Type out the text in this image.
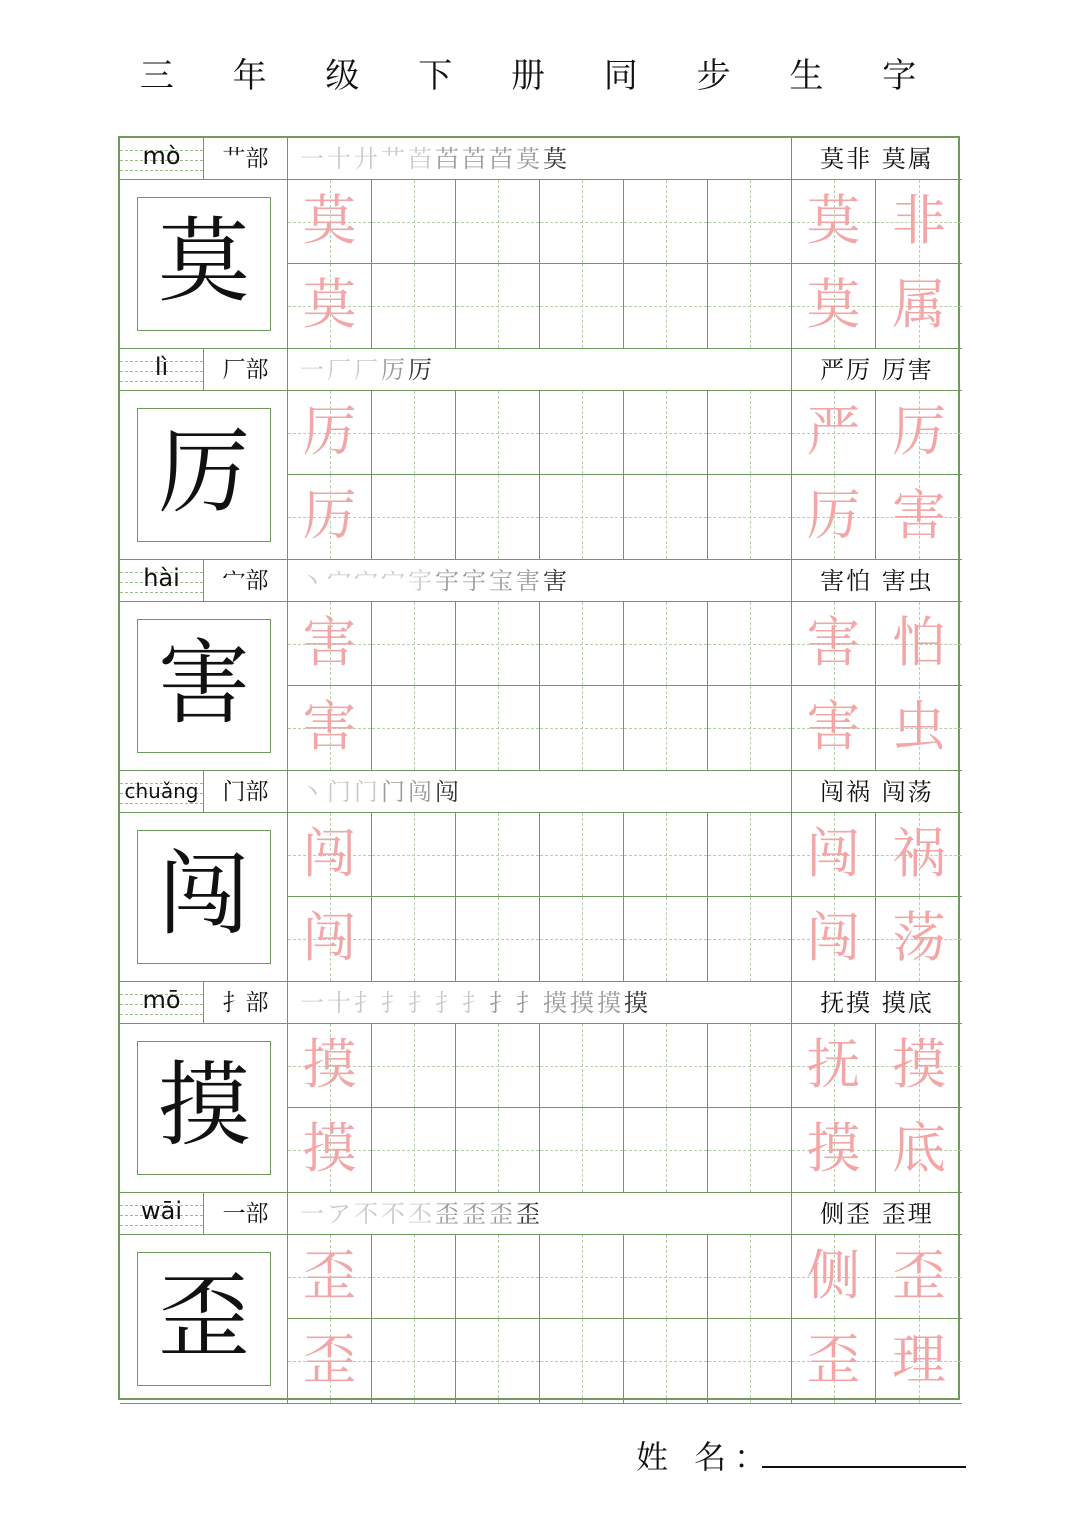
三 年 级 下 册 同 步 生 字
mò	艹部	一十廾艹苩苩苩苩莫莫	莫非 莫属
莫 莫	莫 非
莫	莫 属
lì	厂部	一厂厂厉厉	严厉 厉害
厉 厉	严 厉
厉	厉 害
hài	宀部	丶宀宀宀宇宇宇宝害害	害怕 害虫
害 害	害 怕
害	害 虫
chuǎng	门部	丶门门门闯闯	闯祸 闯荡
闯 闯	闯 祸
闯	闯 荡
mō	扌部	一十扌扌扌扌扌扌扌摸摸摸摸	抚摸 摸底
摸 摸	抚 摸
摸	摸 底
wāi	一部	一ア不不丕歪歪歪歪	侧歪 歪理
歪 歪	侧 歪
歪	歪 理
姓 名：
